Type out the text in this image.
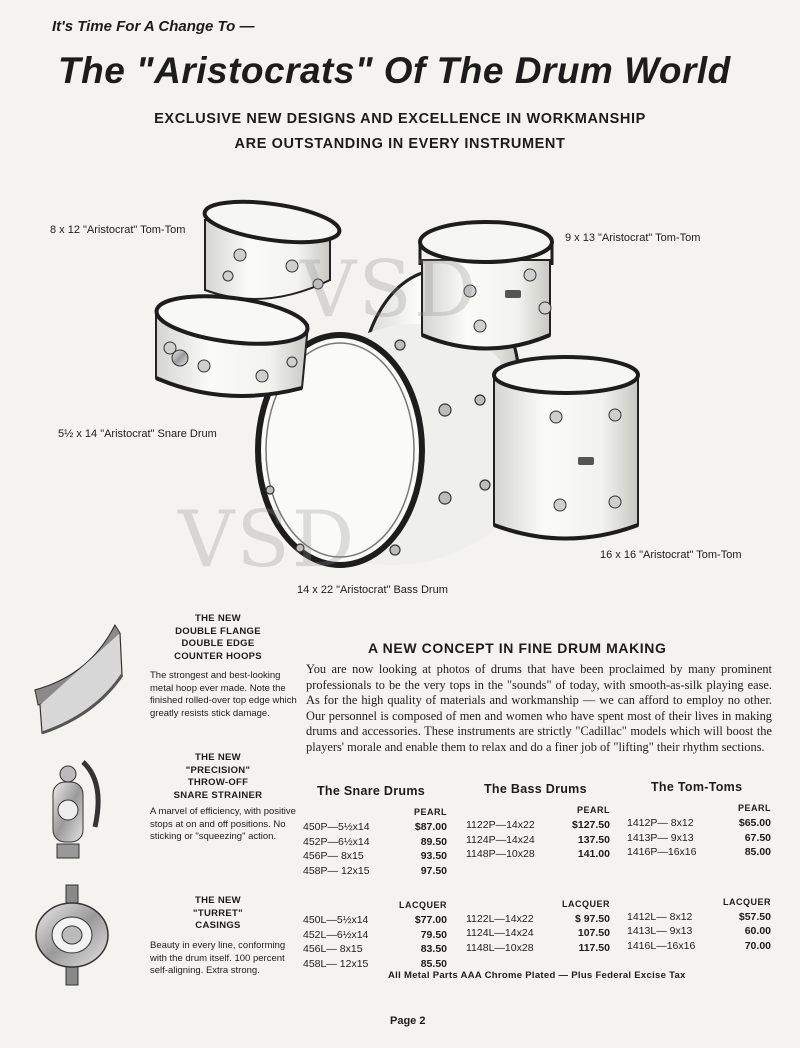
It's Time For A Change To —
The "Aristocrats" Of The Drum World
EXCLUSIVE NEW DESIGNS AND EXCELLENCE IN WORKMANSHIP
ARE OUTSTANDING IN EVERY INSTRUMENT
VSD
VSD
8 x 12 "Aristocrat" Tom-Tom
9 x 13 "Aristocrat" Tom-Tom
5½ x 14 "Aristocrat" Snare Drum
16 x 16 "Aristocrat" Tom-Tom
14 x 22 "Aristocrat" Bass Drum
THE NEW
DOUBLE FLANGE
DOUBLE EDGE
COUNTER HOOPS
The strongest and best-looking metal hoop ever made. Note the finished rolled-over top edge which greatly resists stick damage.
THE NEW
"PRECISION"
THROW-OFF
SNARE STRAINER
A marvel of efficiency, with positive stops at on and off positions. No sticking or "squeezing" action.
THE NEW
"TURRET"
CASINGS
Beauty in every line, conforming with the drum itself. 100 percent self-aligning. Extra strong.
A NEW CONCEPT IN FINE DRUM MAKING
You are now looking at photos of drums that have been proclaimed by many prominent professionals to be the very tops in the "sounds" of today, with smooth-as-silk playing ease. As for the high quality of materials and workmanship — we can afford to employ no other. Our personnel is composed of men and women who have spent most of their lives in making drums and accessories. These instruments are strictly "Cadillac" models which will boost the players' morale and enable them to relax and do a finer job of "lifting" their rhythm sections.
The Snare Drums
PEARL
450P—5½x14	$87.00
452P—6½x14	89.50
456P— 8x15	93.50
458P— 12x15	97.50
LACQUER
450L—5½x14	$77.00
452L—6½x14	79.50
456L— 8x15	83.50
458L— 12x15	85.50
The Bass Drums
PEARL
1122P—14x22	$127.50
1124P—14x24	137.50
1148P—10x28	141.00
LACQUER
1122L—14x22	$ 97.50
1124L—14x24	107.50
1148L—10x28	117.50
The Tom-Toms
PEARL
1412P— 8x12	$65.00
1413P— 9x13	67.50
1416P—16x16	85.00
LACQUER
1412L— 8x12	$57.50
1413L— 9x13	60.00
1416L—16x16	70.00
All Metal Parts AAA Chrome Plated — Plus Federal Excise Tax
Page 2
